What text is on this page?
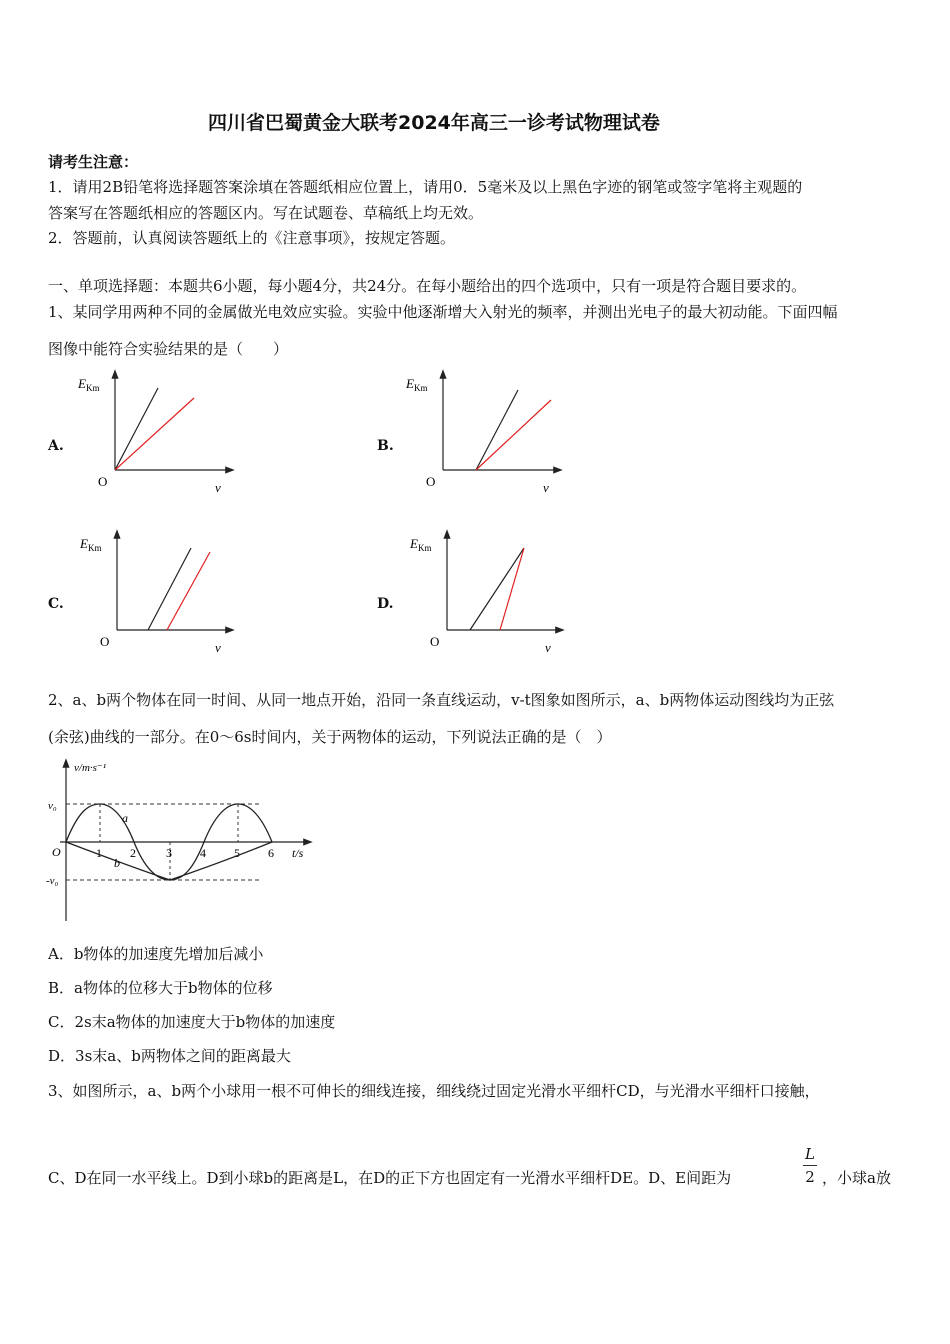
四川省巴蜀黄金大联考2024年高三一诊考试物理试卷
请考生注意：
1．请用2B铅笔将选择题答案涂填在答题纸相应位置上，请用0．5毫米及以上黑色字迹的钢笔或签字笔将主观题的
答案写在答题纸相应的答题区内。写在试题卷、草稿纸上均无效。
2．答题前，认真阅读答题纸上的《注意事项》，按规定答题。
一、单项选择题：本题共6小题，每小题4分，共24分。在每小题给出的四个选项中，只有一项是符合题目要求的。
1、某同学用两种不同的金属做光电效应实验。实验中他逐渐增大入射光的频率，并测出光电子的最大初动能。下面四幅
图像中能符合实验结果的是（　　）
A.	B.
C.	D.
$E_{Km}$
O	v
$E_{Km}$
O	v
$E_{Km}$
O	v
$E_{Km}$
O	v
2、a、b两个物体在同一时间、从同一地点开始，沿同一条直线运动，v-t图象如图所示，a、b两物体运动图线均为正弦
(余弦)曲线的一部分。在0～6s时间内，关于两物体的运动，下列说法正确的是（　）
v/m·s⁻¹
t/s
v₀
-v₀
O	1 2	3 4 5 6
a
b
A．b物体的加速度先增加后减小
B．a物体的位移大于b物体的位移
C．2s末a物体的加速度大于b物体的加速度
D．3s末a、b两物体之间的距离最大
3、如图所示，a、b两个小球用一根不可伸长的细线连接，细线绕过固定光滑水平细杆CD，与光滑水平细杆口接触，
C、D在同一水平线上。D到小球b的距离是L，在D的正下方也固定有一光滑水平细杆DE。D、E间距为
L
2 ，小球a放
